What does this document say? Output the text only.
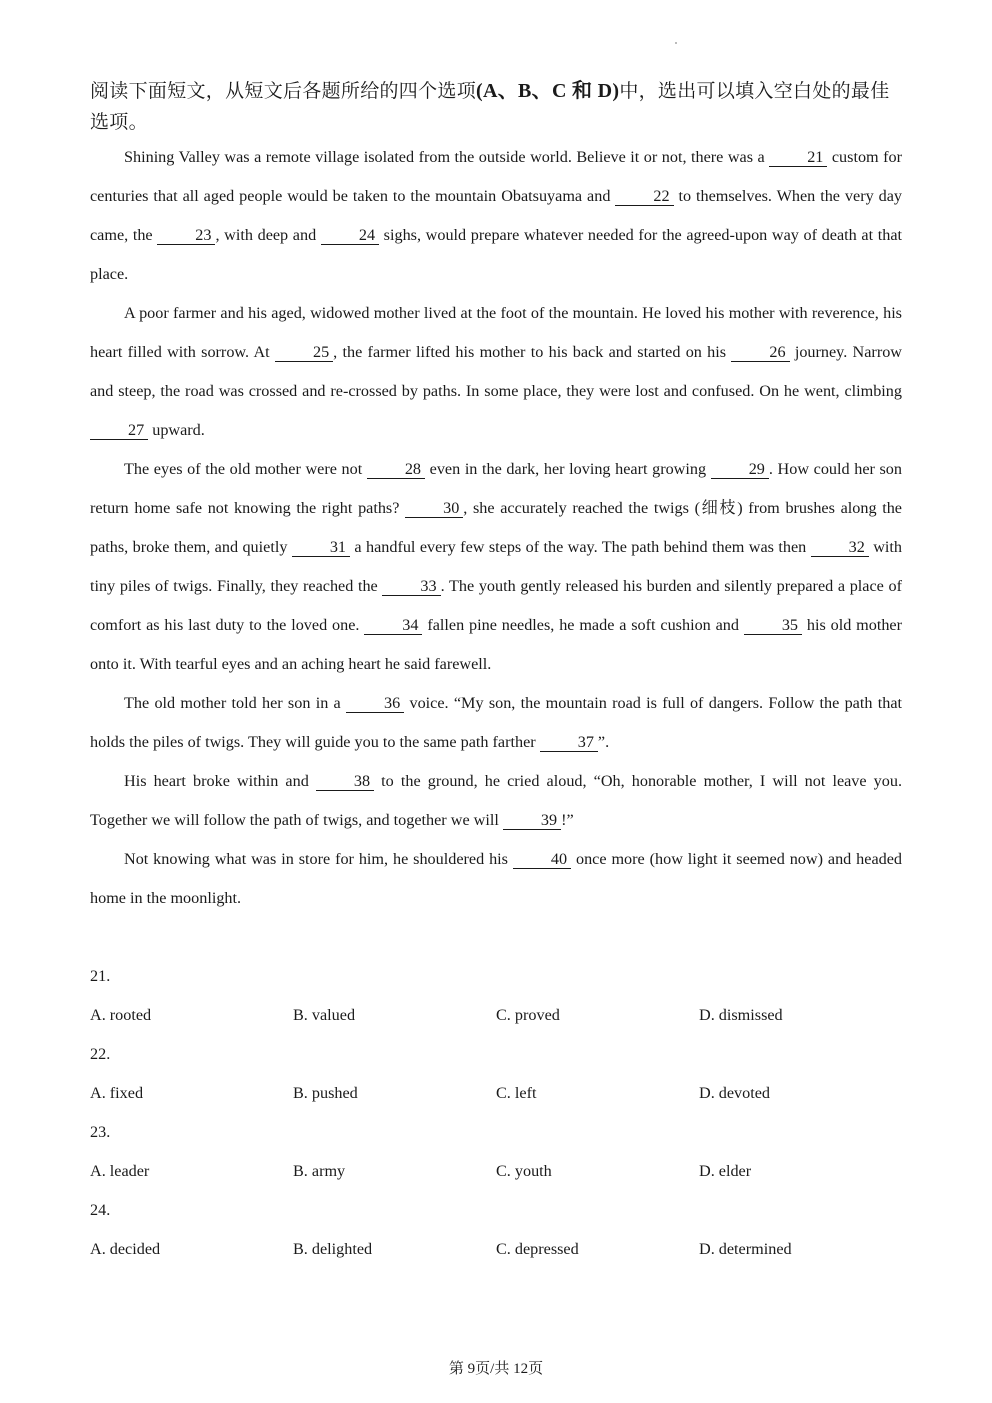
阅读下面短文，从短文后各题所给的四个选项(A、B、C 和 D)中，选出可以填入空白处的最佳选项。

Shining Valley was a remote village isolated from the outside world. Believe it or not, there was a 21 custom for centuries that all aged people would be taken to the mountain Obatsuyama and 22 to themselves. When the very day came, the 23 , with deep and 24 sighs, would prepare whatever needed for the agreed-upon way of death at that place.

A poor farmer and his aged, widowed mother lived at the foot of the mountain. He loved his mother with reverence, his heart filled with sorrow. At 25 , the farmer lifted his mother to his back and started on his 26 journey. Narrow and steep, the road was crossed and re-crossed by paths. In some place, they were lost and confused. On he went, climbing 27 upward.

The eyes of the old mother were not 28 even in the dark, her loving heart growing 29 . How could her son return home safe not knowing the right paths? 30 , she accurately reached the twigs (细枝) from brushes along the paths, broke them, and quietly 31 a handful every few steps of the way. The path behind them was then 32 with tiny piles of twigs. Finally, they reached the 33 . The youth gently released his burden and silently prepared a place of comfort as his last duty to the loved one. 34 fallen pine needles, he made a soft cushion and 35 his old mother onto it. With tearful eyes and an aching heart he said farewell.

The old mother told her son in a 36 voice. “My son, the mountain road is full of dangers. Follow the path that holds the piles of twigs. They will guide you to the same path farther 37 ”.

His heart broke within and 38 to the ground, he cried aloud, “Oh, honorable mother, I will not leave you. Together we will follow the path of twigs, and together we will 39 !”

Not knowing what was in store for him, he shouldered his 40 once more (how light it seemed now) and headed home in the moonlight.

21.
A. rooted	B. valued	C. proved	D. dismissed
22.
A. fixed	B. pushed	C. left	D. devoted
23.
A. leader	B. army	C. youth	D. elder
24.
A. decided	B. delighted	C. depressed	D. determined
第 9页/共 12页
